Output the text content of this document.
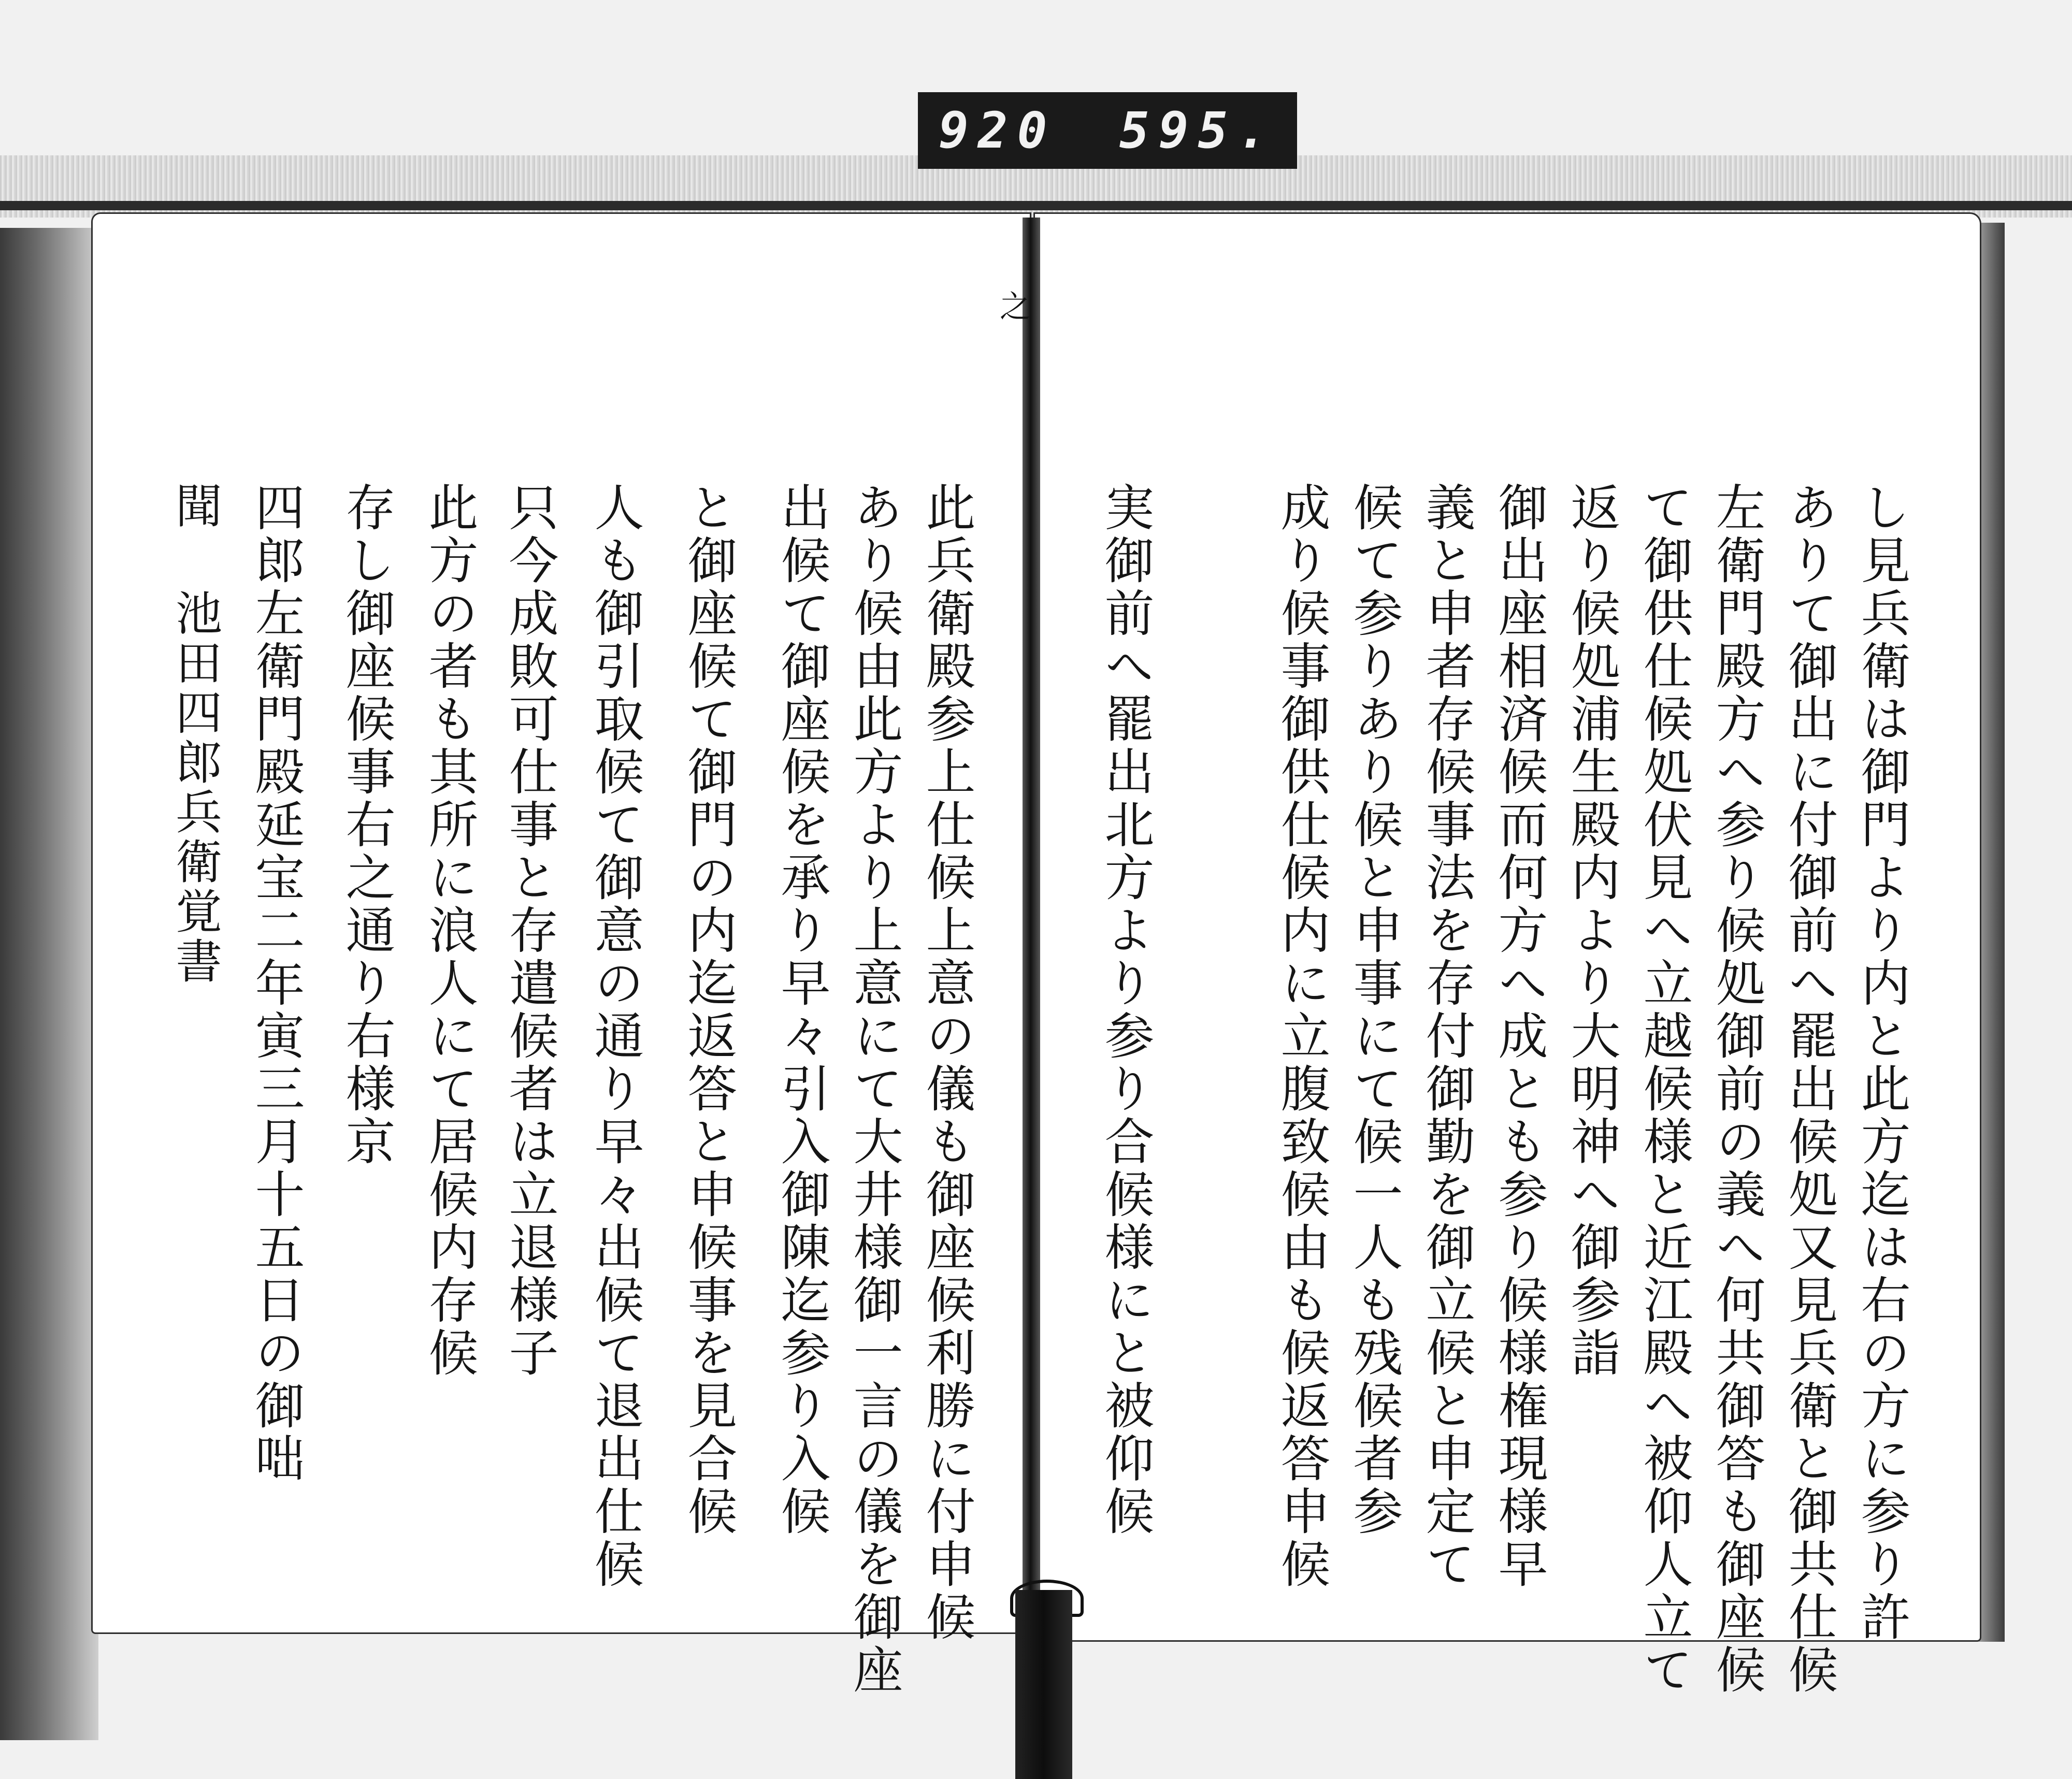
920 595.
之
し見兵衛は御門より内と此方迄は右の方に参り許
ありて御出に付御前へ罷出候処又見兵衛と御共仕候
左衛門殿方へ参り候処御前の義へ何共御答も御座候
て御供仕候処伏見へ立越候様と近江殿へ被仰人立て
返り候処浦生殿内より大明神へ御参詣
御出座相済候而何方へ成とも参り候様権現様早
義と申者存候事法を存付御勤を御立候と申定て
候て参りあり候と申事にて候一人も残候者参
成り候事御供仕候内に立腹致候由も候返答申候
実御前へ罷出北方より参り合候様にと被仰候
此兵衛殿参上仕候上意の儀も御座候利勝に付申候
あり候由此方より上意にて大井様御一言の儀を御座
出候て御座候を承り早々引入御陳迄参り入候
と御座候て御門の内迄返答と申候事を見合候
人も御引取候て御意の通り早々出候て退出仕候
只今成敗可仕事と存遣候者は立退様子
此方の者も其所に浪人にて居候内存候
存し御座候事右之通り右様京
四郎左衛門殿延宝二年寅三月十五日の御咄
聞 池田四郎兵衛覚書
